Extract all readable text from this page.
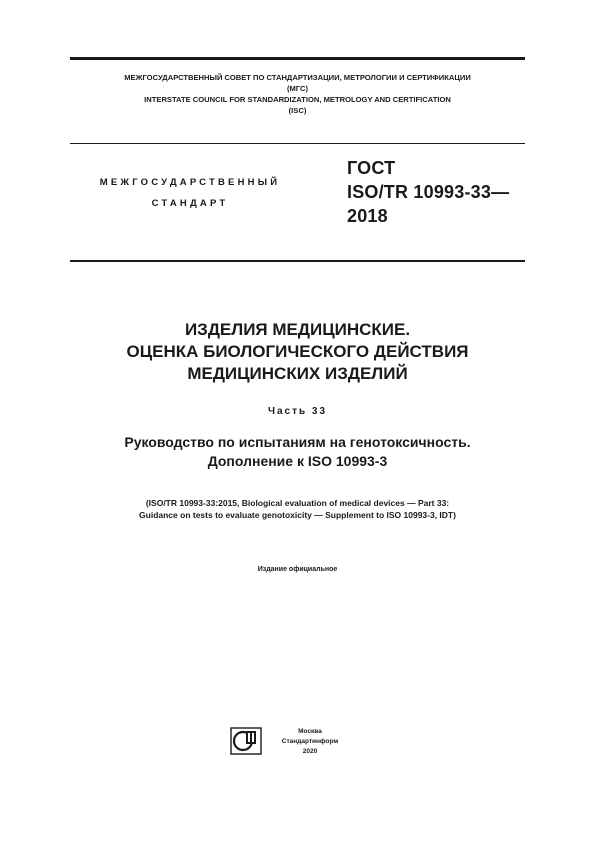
МЕЖГОСУДАРСТВЕННЫЙ СОВЕТ ПО СТАНДАРТИЗАЦИИ, МЕТРОЛОГИИ И СЕРТИФИКАЦИИ
(МГС)
INTERSTATE COUNCIL FOR STANDARDIZATION, METROLOGY AND CERTIFICATION
(ISC)
МЕЖГОСУДАРСТВЕННЫЙ
СТАНДАРТ
ГОСТ
ISO/TR 10993-33—
2018
ИЗДЕЛИЯ МЕДИЦИНСКИЕ.
ОЦЕНКА БИОЛОГИЧЕСКОГО ДЕЙСТВИЯ
МЕДИЦИНСКИХ ИЗДЕЛИЙ
Часть 33
Руководство по испытаниям на генотоксичность.
Дополнение к ISO 10993-3
(ISO/TR 10993-33:2015, Biological evaluation of medical devices — Part 33:
Guidance on tests to evaluate genotoxicity — Supplement to ISO 10993-3, IDT)
Издание официальное
Москва
Стандартинформ
2020
